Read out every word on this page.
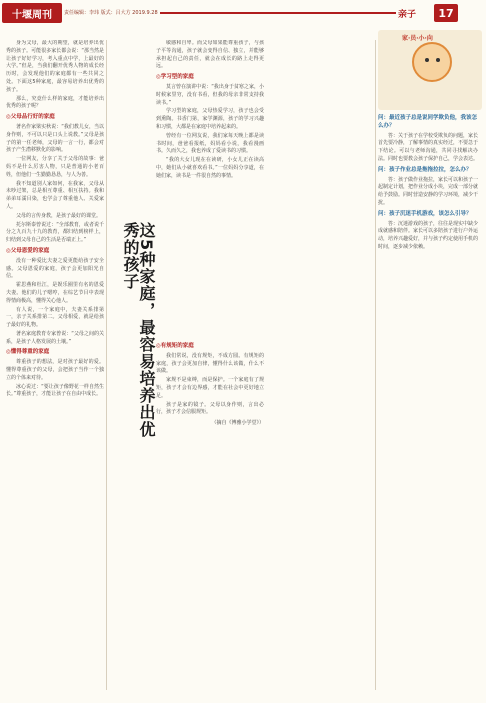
十堰周刊	责任编辑：李玮 版式：吕大方 2019.9.28	亲子	17

身为父母，最大的期望，就是培养出优秀的孩子。可能很多家长都会说：“那当然是让孩子好好学习，考入重点中学，上最好的大学。”但是，当我们翻开优秀人物的成长经历时，会发现他们的家庭都有一些共同之处。下面这5种家庭，最容易培养出优秀的孩子。

那么，究竟什么样的家庭，才能培养出优秀的孩子呢？

◎父母品行好的家庭

著名作家梁实秋说：“我们教儿女，当以身作则，不可以只是口头上说教。”父母是孩子的第一任老师，父母的一言一行，都会对孩子产生潜移默化的影响。

一位网友，分享了关于父母的故事：爸妈不是什么厉害人物，只是普通的小老百姓，但他们一生勤勤恳恳，与人为善。

我不知道别人家如何，在我家，父母从未吵过架，总是相互尊重、相互扶持。我和弟弟耳濡目染，也学会了尊重他人、关爱家人。

父母的言传身教，是孩子最好的课堂。

托尔斯泰曾说过：“全部教育，或者说千分之九百九十九的教育，都归结到榜样上，归结到父母自己的生活是否端正上。”

◎父母恩爱的家庭

没有一种爱比夫妻之爱更能给孩子安全感。父母恩爱的家庭，孩子会更加阳光自信。

霍思燕和杜江，是娱乐圈里有名的恩爱夫妻。他们的儿子嗯哼，在综艺节目中表现得情商极高，懂得关心他人。

有人说，一个家庭中，夫妻关系排第一，亲子关系排第二。父母相爱，就是给孩子最好的礼物。

著名家庭教育专家曾说：“父母之间的关系，是孩子人格发展的土壤。”

◎懂得尊重的家庭

尊重孩子的想法，是对孩子最好的爱。懂得尊重孩子的父母，会把孩子当作一个独立的个体来对待。

冰心说过：“要让孩子像野花一样自然生长。”尊重孩子，才能让孩子在自由中成长。	这5种家庭，最容易培养出优秀的孩子

敏感和自卑。而父母如果能尊重孩子，与孩子平等沟通，孩子就会变得自信、独立，并能够承担起自己的责任，就会在成长的路上走得更远。

◎学习型的家庭

莫言曾在演讲中说：“我出身于贫寒之家，小时候家里穷，没有书看，但我的母亲非常支持我读书。”

学习型的家庭，父母热爱学习，孩子也会受到熏陶。书香门第，家学渊源，孩子的学习兴趣和习惯，大都是在家庭中培养起来的。

曾经有一位网友说，我们家每天晚上都是读书时间，爸爸看报纸，妈妈看小说，我看漫画书。久而久之，我也养成了爱读书的习惯。

“我的大女儿现在在读研，小女儿正在读高中，她们从小就喜欢看书。”一位妈妈分享道，在她们家，读书是一件很自然的事情。

◎有规矩的家庭

我们常说，没有规矩，不成方圆。有规矩的家庭，孩子会更加自律，懂得什么该做，什么不该做。

家规不是束缚，而是保护。一个家庭有了规矩，孩子才会有边界感，才能在社会中更好地立足。

孩子是家的镜子。父母以身作则，言出必行，孩子才会信服规矩。

（摘自《博雅小学堂》）
家·员·小·向
问：最近孩子总是说同学欺负他，我该怎么办？

答：关于孩子在学校受欺负的问题，家长首先要冷静，了解事情的真实经过，不要急于下结论。可以与老师沟通，共同寻找解决办法。同时也要教会孩子保护自己，学会表达。

问：孩子作业总是拖拖拉拉，怎么办？

答：孩子做作业拖拉，家长可以和孩子一起制定计划，把作业分成小块，完成一部分就给予鼓励。同时营造安静的学习环境，减少干扰。

问：孩子沉迷手机游戏，该怎么引导？

答：沉迷游戏的孩子，往往是现实中缺少成就感和陪伴。家长可以多陪孩子进行户外运动，培养兴趣爱好，并与孩子约定使用手机的时间，逐步减少依赖。
